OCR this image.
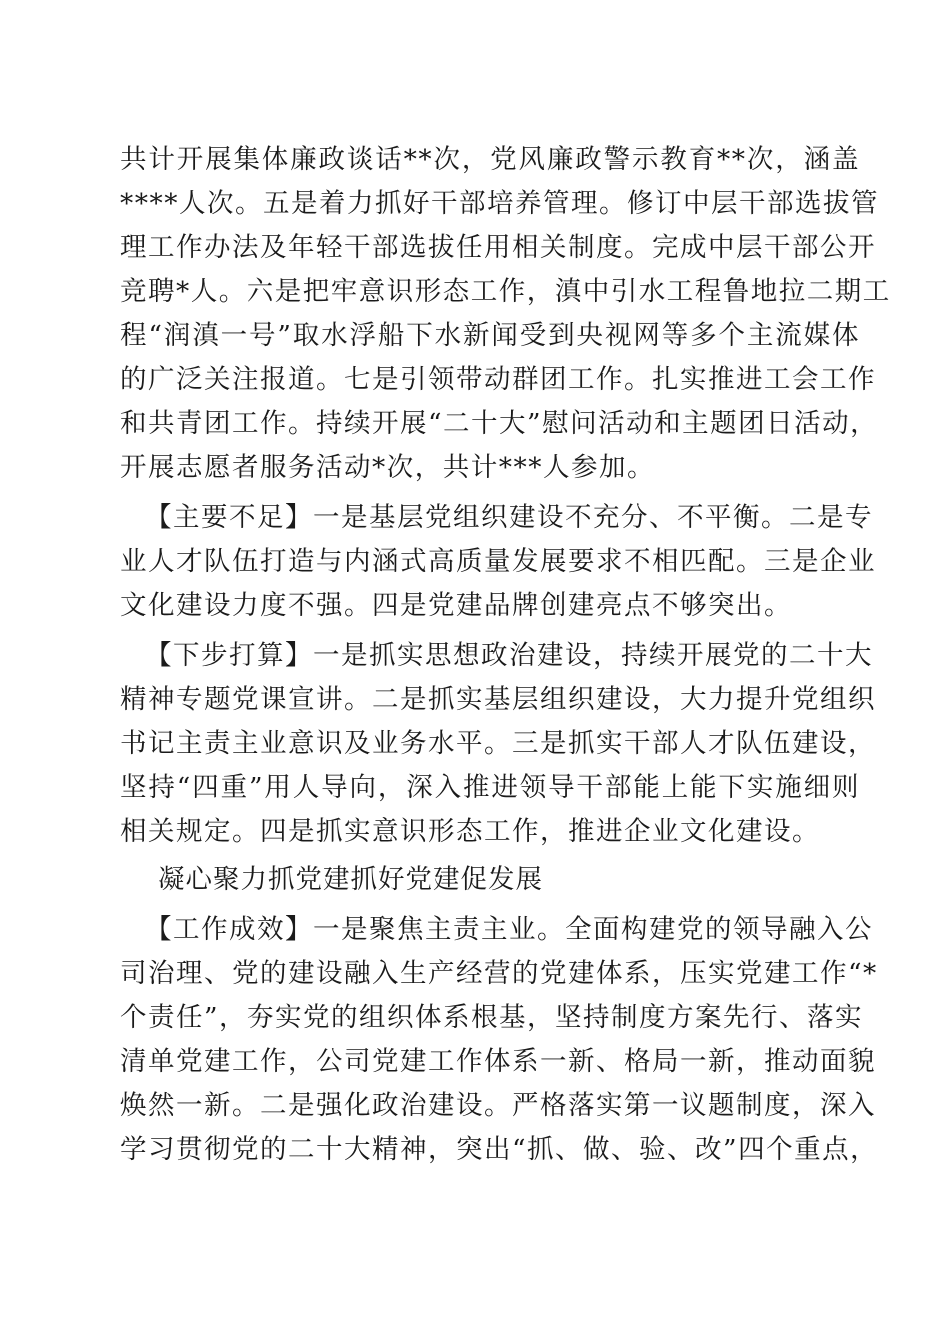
共计开展集体廉政谈话**次，党风廉政警示教育**次，涵盖
****人次。五是着力抓好干部培养管理。修订中层干部选拔管
理工作办法及年轻干部选拔任用相关制度。完成中层干部公开
竞聘*人。六是把牢意识形态工作，滇中引水工程鲁地拉二期工
程“润滇一号”取水浮船下水新闻受到央视网等多个主流媒体
的广泛关注报道。七是引领带动群团工作。扎实推进工会工作
和共青团工作。持续开展“二十大”慰问活动和主题团日活动，
开展志愿者服务活动*次，共计***人参加。
【主要不足】一是基层党组织建设不充分、不平衡。二是专
业人才队伍打造与内涵式高质量发展要求不相匹配。三是企业
文化建设力度不强。四是党建品牌创建亮点不够突出。
【下步打算】一是抓实思想政治建设，持续开展党的二十大
精神专题党课宣讲。二是抓实基层组织建设，大力提升党组织
书记主责主业意识及业务水平。三是抓实干部人才队伍建设，
坚持“四重”用人导向，深入推进领导干部能上能下实施细则
相关规定。四是抓实意识形态工作，推进企业文化建设。
凝心聚力抓党建抓好党建促发展
【工作成效】一是聚焦主责主业。全面构建党的领导融入公
司治理、党的建设融入生产经营的党建体系，压实党建工作“*
个责任”，夯实党的组织体系根基，坚持制度方案先行、落实
清单党建工作，公司党建工作体系一新、格局一新，推动面貌
焕然一新。二是强化政治建设。严格落实第一议题制度，深入
学习贯彻党的二十大精神，突出“抓、做、验、改”四个重点，
